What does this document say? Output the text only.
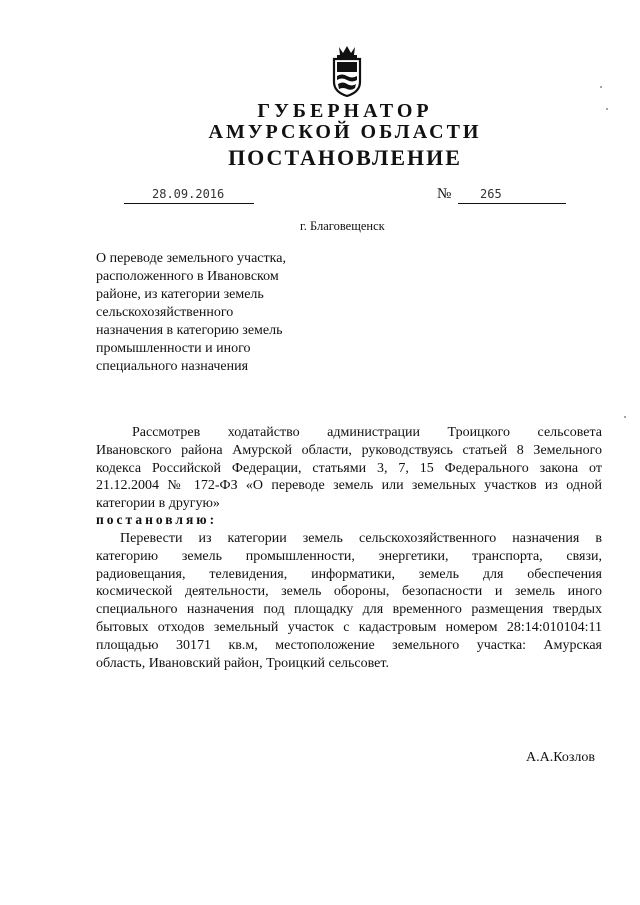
ГУБЕРНАТОР
АМУРСКОЙ ОБЛАСТИ
ПОСТАНОВЛЕНИЕ
28.09.2016	№ 265
г. Благовещенск
О переводе земельного участка,
расположенного в Ивановском
районе, из категории земель
сельскохозяйственного
назначения в категорию земель
промышленности и иного
специального назначения
Рассмотрев ходатайство администрации Троицкого сельсовета
Ивановского района Амурской области, руководствуясь статьей 8 Земельного
кодекса Российской Федерации, статьями 3, 7, 15 Федерального закона от
21.12.2004 № 172-ФЗ «О переводе земель или земельных участков из одной
категории в другую»
постановляю:
Перевести из категории земель сельскохозяйственного назначения в
категорию земель промышленности, энергетики, транспорта, связи,
радиовещания, телевидения, информатики, земель для обеспечения
космической деятельности, земель обороны, безопасности и земель иного
специального назначения под площадку для временного размещения твердых
бытовых отходов земельный участок с кадастровым номером 28:14:010104:11
площадью 30171 кв.м, местоположение земельного участка: Амурская
область, Ивановский район, Троицкий сельсовет.
А.А.Козлов
